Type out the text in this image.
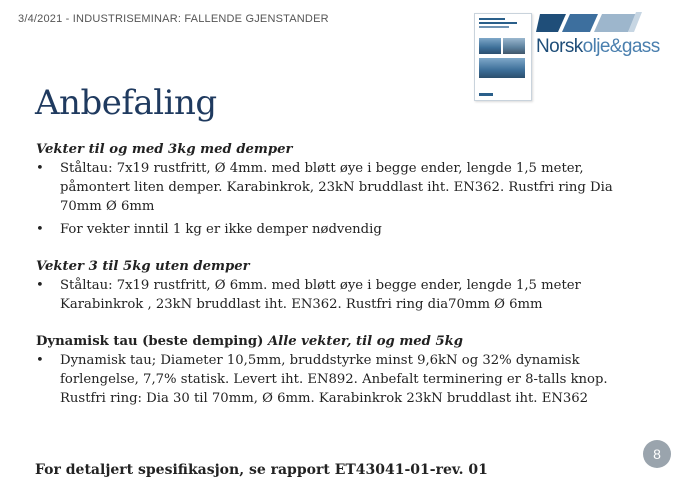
3/4/2021 - INDUSTRISEMINAR: FALLENDE GJENSTANDER
Norskolje&gass
Anbefaling
Vekter til og med 3kg med demper
• Ståltau: 7x19 rustfritt, Ø 4mm. med bløtt øye i begge ender, lengde 1,5 meter, påmontert liten demper. Karabinkrok, 23kN bruddlast iht. EN362. Rustfri ring Dia 70mm Ø 6mm
• For vekter inntil 1 kg er ikke demper nødvendig
Vekter 3 til 5kg uten demper
• Ståltau: 7x19 rustfritt, Ø 6mm. med bløtt øye i begge ender, lengde 1,5 meter Karabinkrok , 23kN bruddlast iht. EN362. Rustfri ring dia70mm Ø 6mm
Dynamisk tau (beste demping) Alle vekter, til og med 5kg
• Dynamisk tau; Diameter 10,5mm, bruddstyrke minst 9,6kN og 32% dynamisk forlengelse, 7,7% statisk. Levert iht. EN892. Anbefalt terminering er 8-talls knop. Rustfri ring: Dia 30 til 70mm, Ø 6mm. Karabinkrok 23kN bruddlast iht. EN362
8
For detaljert spesifikasjon, se rapport ET43041-01-rev. 01
